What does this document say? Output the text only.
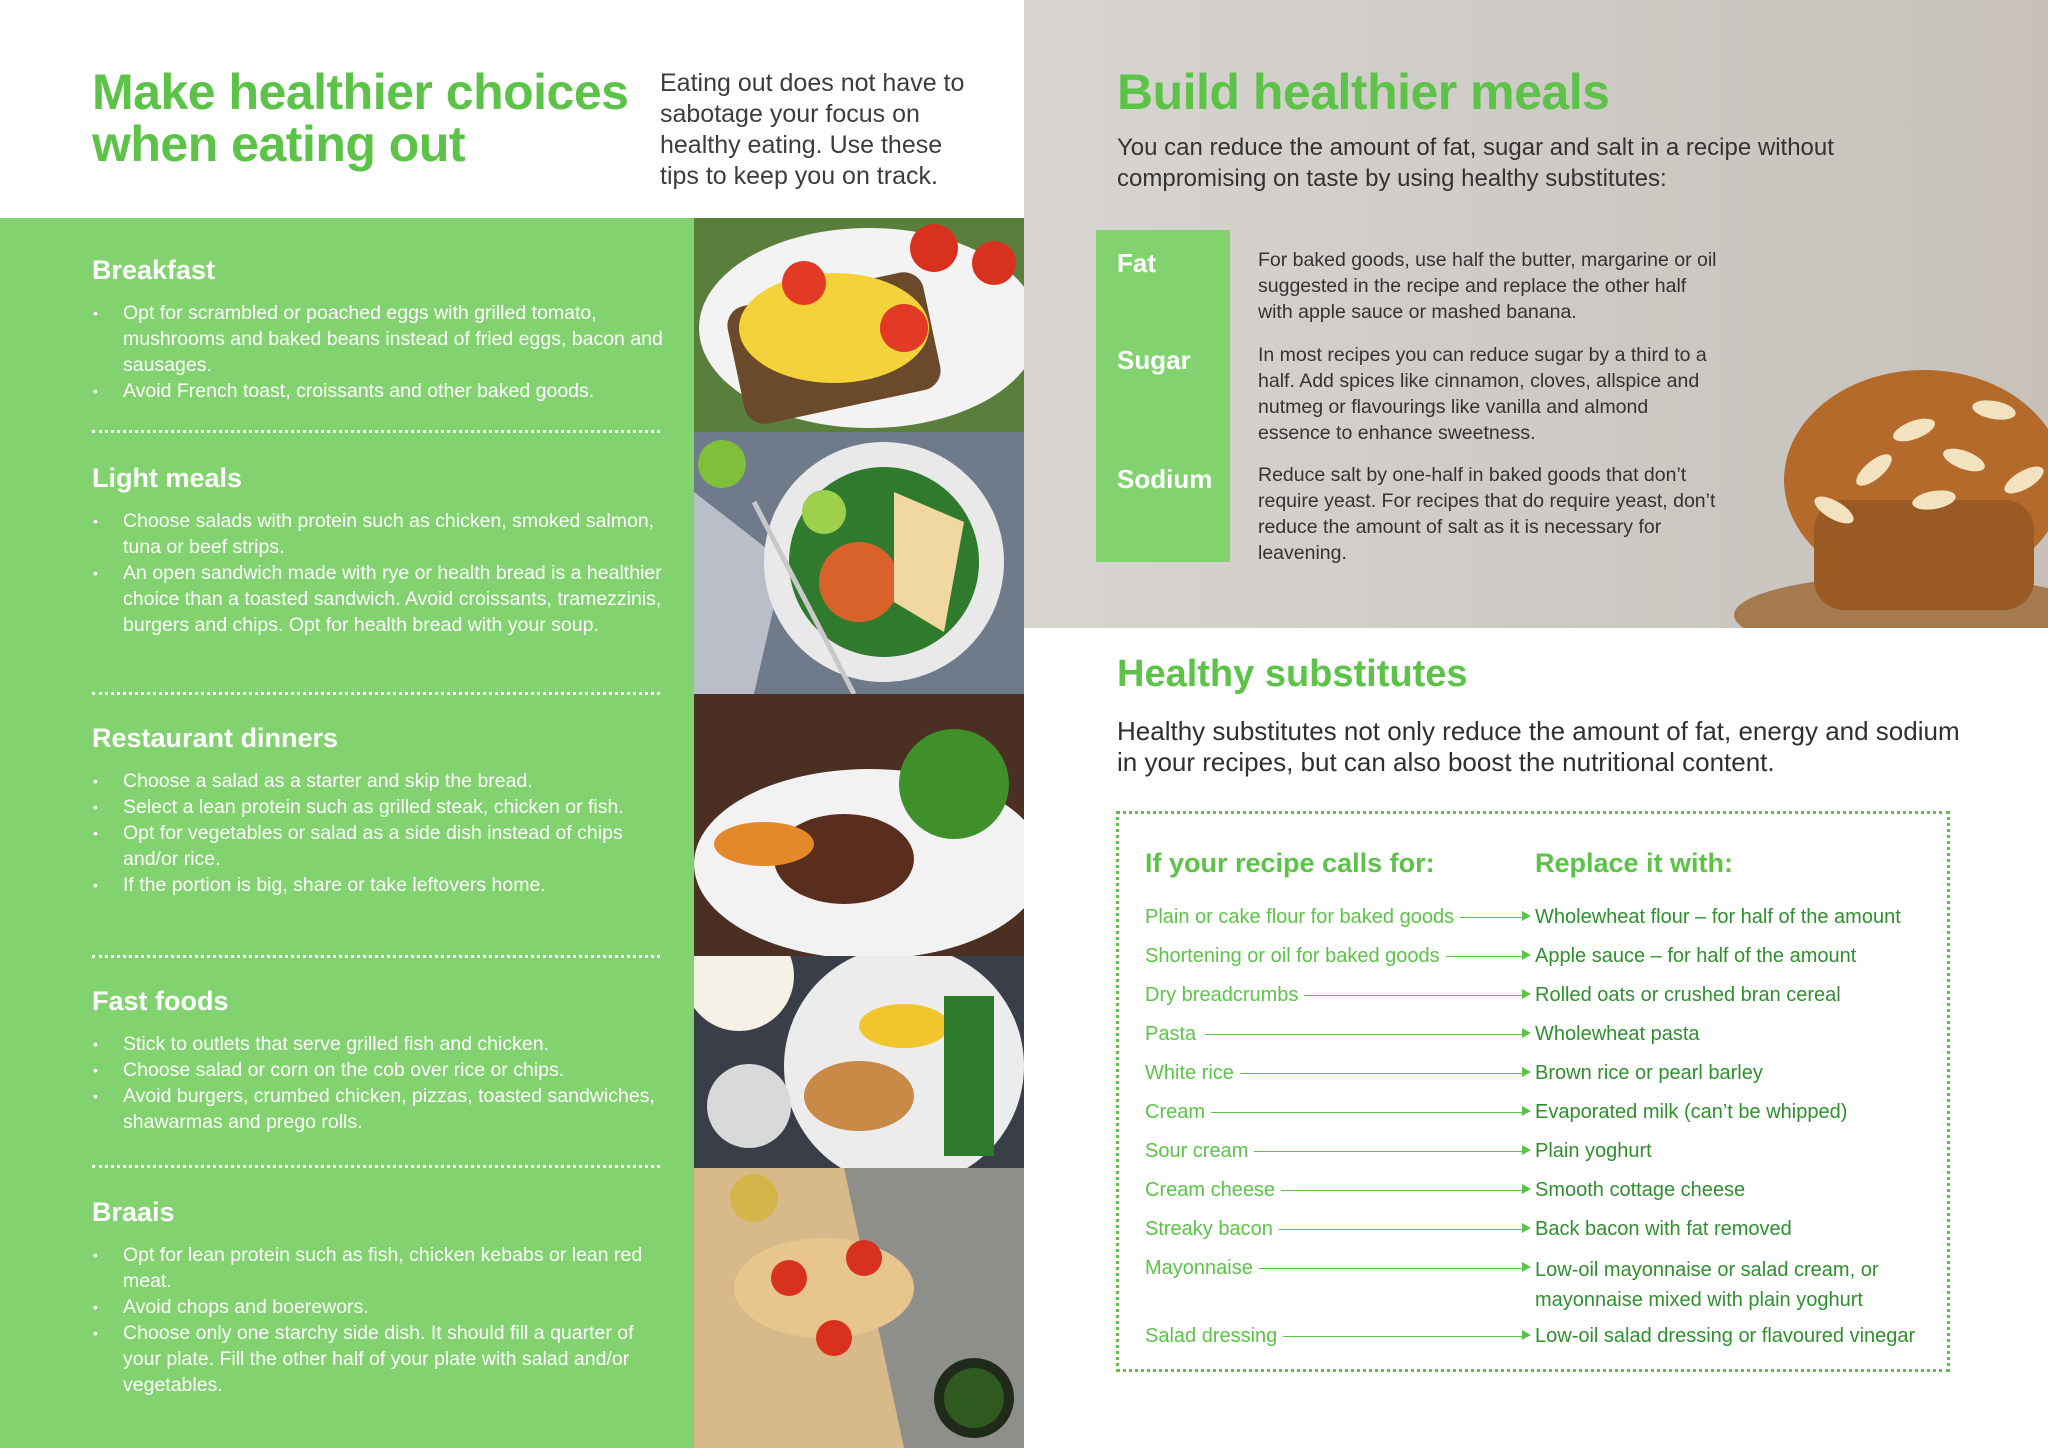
Make healthier choices when eating out
Eating out does not have to sabotage your focus on healthy eating. Use these tips to keep you on track.
Breakfast
• Opt for scrambled or poached eggs with grilled tomato, mushrooms and baked beans instead of fried eggs, bacon and sausages.
• Avoid French toast, croissants and other baked goods.
Light meals
• Choose salads with protein such as chicken, smoked salmon, tuna or beef strips.
• An open sandwich made with rye or health bread is a healthier choice than a toasted sandwich. Avoid croissants, tramezzinis, burgers and chips. Opt for health bread with your soup.
Restaurant dinners
• Choose a salad as a starter and skip the bread.
• Select a lean protein such as grilled steak, chicken or fish.
• Opt for vegetables or salad as a side dish instead of chips and/or rice.
• If the portion is big, share or take leftovers home.
Fast foods
• Stick to outlets that serve grilled fish and chicken.
• Choose salad or corn on the cob over rice or chips.
• Avoid burgers, crumbed chicken, pizzas, toasted sandwiches, shawarmas and prego rolls.
Braais
• Opt for lean protein such as fish, chicken kebabs or lean red meat.
• Avoid chops and boerewors.
• Choose only one starchy side dish. It should fill a quarter of your plate. Fill the other half of your plate with salad and/or vegetables.
Build healthier meals
You can reduce the amount of fat, sugar and salt in a recipe without compromising on taste by using healthy substitutes:
Fat	For baked goods, use half the butter, margarine or oil suggested in the recipe and replace the other half with apple sauce or mashed banana.
Sugar	In most recipes you can reduce sugar by a third to a half. Add spices like cinnamon, cloves, allspice and nutmeg or flavourings like vanilla and almond essence to enhance sweetness.
Sodium Reduce salt by one-half in baked goods that don’t require yeast. For recipes that do require yeast, don’t reduce the amount of salt as it is necessary for leavening.
Healthy substitutes
Healthy substitutes not only reduce the amount of fat, energy and sodium in your recipes, but can also boost the nutritional content.
If your recipe calls for:	Replace it with:
Plain or cake flour for baked goods	Wholewheat flour – for half of the amount
Shortening or oil for baked goods	Apple sauce – for half of the amount
Dry breadcrumbs	Rolled oats or crushed bran cereal
Pasta	Wholewheat pasta
White rice	Brown rice or pearl barley
Cream	Evaporated milk (can’t be whipped)
Sour cream	Plain yoghurt
Cream cheese	Smooth cottage cheese
Streaky bacon	Back bacon with fat removed
Mayonnaise	Low-oil mayonnaise or salad cream, or mayonnaise mixed with plain yoghurt
Salad dressing	Low-oil salad dressing or flavoured vinegar
